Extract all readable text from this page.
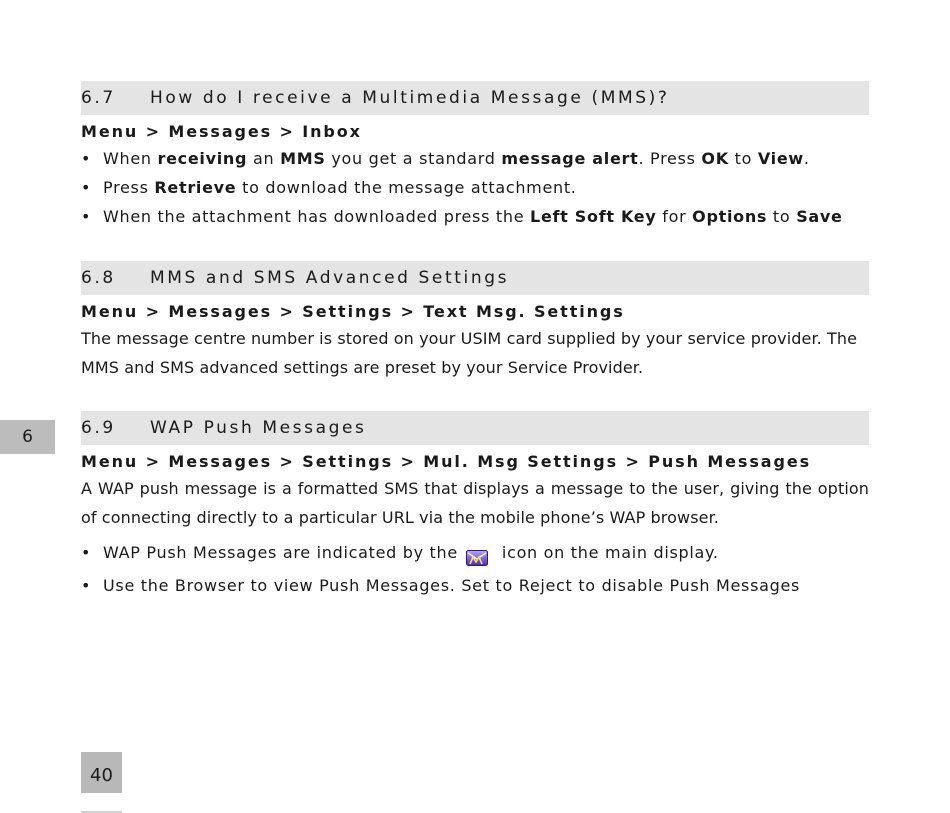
6.7	How do I receive a Multimedia Message (MMS)?
Menu > Messages > Inbox
• When receiving an MMS you get a standard message alert. Press OK to View.
• Press Retrieve to download the message attachment.
• When the attachment has downloaded press the Left Soft Key for Options to Save
6.8	MMS and SMS Advanced Settings
Menu > Messages > Settings > Text Msg. Settings

The message centre number is stored on your USIM card supplied by your service provider. The MMS and SMS advanced settings are preset by your Service Provider.

6.9	WAP Push Messages
Menu > Messages > Settings > Mul. Msg Settings > Push Messages

A WAP push message is a formatted SMS that displays a message to the user, giving the option of connecting directly to a particular URL via the mobile phone’s WAP browser.

• WAP Push Messages are indicated by the	icon on the main display.
• Use the Browser to view Push Messages. Set to Reject to disable Push Messages
6
40
